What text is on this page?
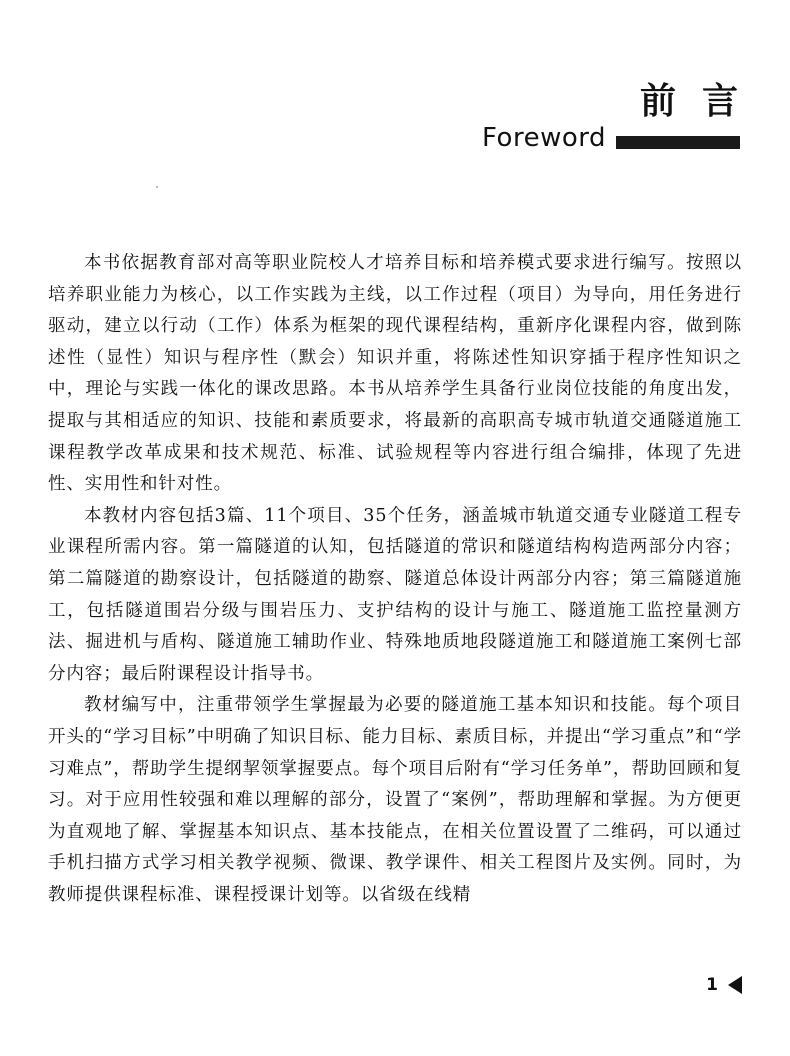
前言
Foreword

本书依据教育部对高等职业院校人才培养目标和培养模式要求进行编写。按照以培养职业能力为核心，以工作实践为主线，以工作过程（项目）为导向，用任务进行驱动，建立以行动（工作）体系为框架的现代课程结构，重新序化课程内容，做到陈述性（显性）知识与程序性（默会）知识并重，将陈述性知识穿插于程序性知识之中，理论与实践一体化的课改思路。本书从培养学生具备行业岗位技能的角度出发，提取与其相适应的知识、技能和素质要求，将最新的高职高专城市轨道交通隧道施工课程教学改革成果和技术规范、标准、试验规程等内容进行组合编排，体现了先进性、实用性和针对性。

本教材内容包括3篇、11个项目、35个任务，涵盖城市轨道交通专业隧道工程专业课程所需内容。第一篇隧道的认知，包括隧道的常识和隧道结构构造两部分内容；第二篇隧道的勘察设计，包括隧道的勘察、隧道总体设计两部分内容；第三篇隧道施工，包括隧道围岩分级与围岩压力、支护结构的设计与施工、隧道施工监控量测方法、掘进机与盾构、隧道施工辅助作业、特殊地质地段隧道施工和隧道施工案例七部分内容；最后附课程设计指导书。

教材编写中，注重带领学生掌握最为必要的隧道施工基本知识和技能。每个项目开头的“学习目标”中明确了知识目标、能力目标、素质目标，并提出“学习重点”和“学习难点”，帮助学生提纲挈领掌握要点。每个项目后附有“学习任务单”，帮助回顾和复习。对于应用性较强和难以理解的部分，设置了“案例”，帮助理解和掌握。为方便更为直观地了解、掌握基本知识点、基本技能点，在相关位置设置了二维码，可以通过手机扫描方式学习相关教学视频、微课、教学课件、相关工程图片及实例。同时，为教师提供课程标准、课程授课计划等。以省级在线精

1
